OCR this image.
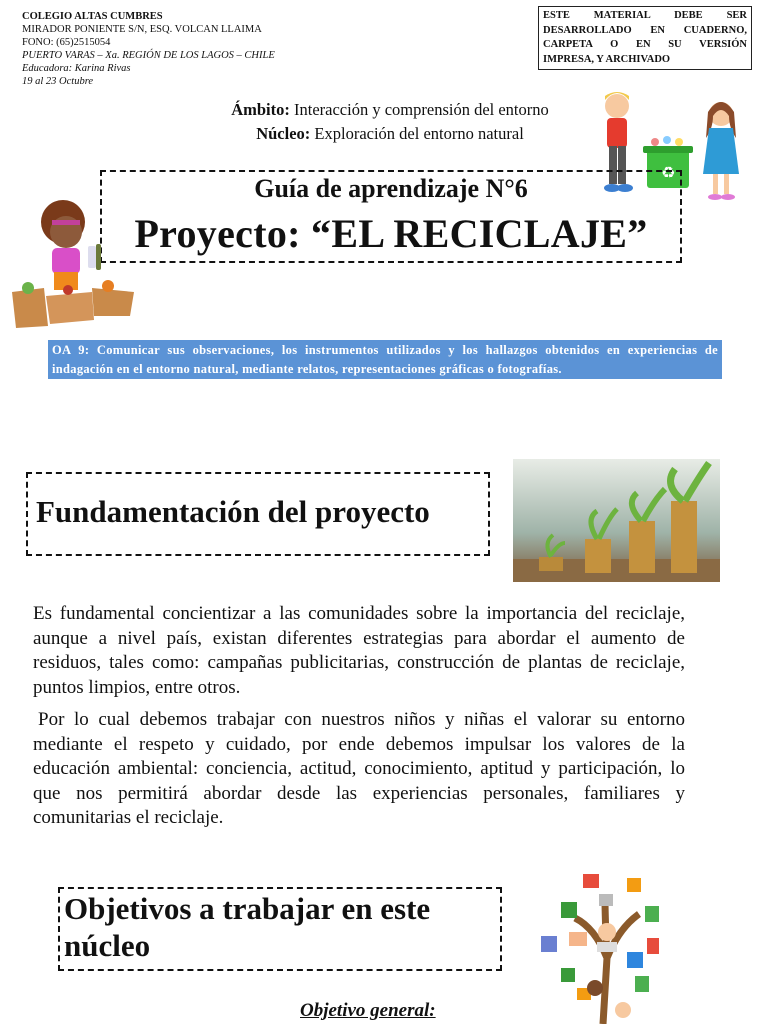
COLEGIO ALTAS CUMBRES
MIRADOR PONIENTE S/N, ESQ. VOLCAN LLAIMA
FONO: (65)2515054
PUERTO VARAS – Xa. REGIÓN DE LOS LAGOS – CHILE
Educadora: Karina Rivas
19 al 23 Octubre
ESTE MATERIAL DEBE SER
DESARROLLADO EN CUADERNO,
CARPETA O EN SU VERSIÓN
IMPRESA, Y ARCHIVADO
Ámbito: Interacción y comprensión del entorno
Núcleo: Exploración del entorno natural
♻
Guía de aprendizaje N°6
Proyecto: “EL RECICLAJE”
OA 9: Comunicar sus observaciones, los instrumentos utilizados y los hallazgos obtenidos en experiencias de indagación en el entorno natural, mediante relatos, representaciones gráficas o fotografías.
Fundamentación del proyecto
Es fundamental concientizar a las comunidades sobre la importancia del reciclaje, aunque a nivel país, existan diferentes estrategias para abordar el aumento de residuos, tales como: campañas publicitarias, construcción de plantas de reciclaje, puntos limpios, entre otros.
Por lo cual debemos trabajar con nuestros niños y niñas el valorar su entorno mediante el respeto y cuidado, por ende debemos impulsar los valores de la educación ambiental: conciencia, actitud, conocimiento, aptitud y participación, lo que nos permitirá abordar desde las experiencias personales, familiares y comunitarias el reciclaje.
Objetivos a trabajar en este núcleo
Objetivo general:
